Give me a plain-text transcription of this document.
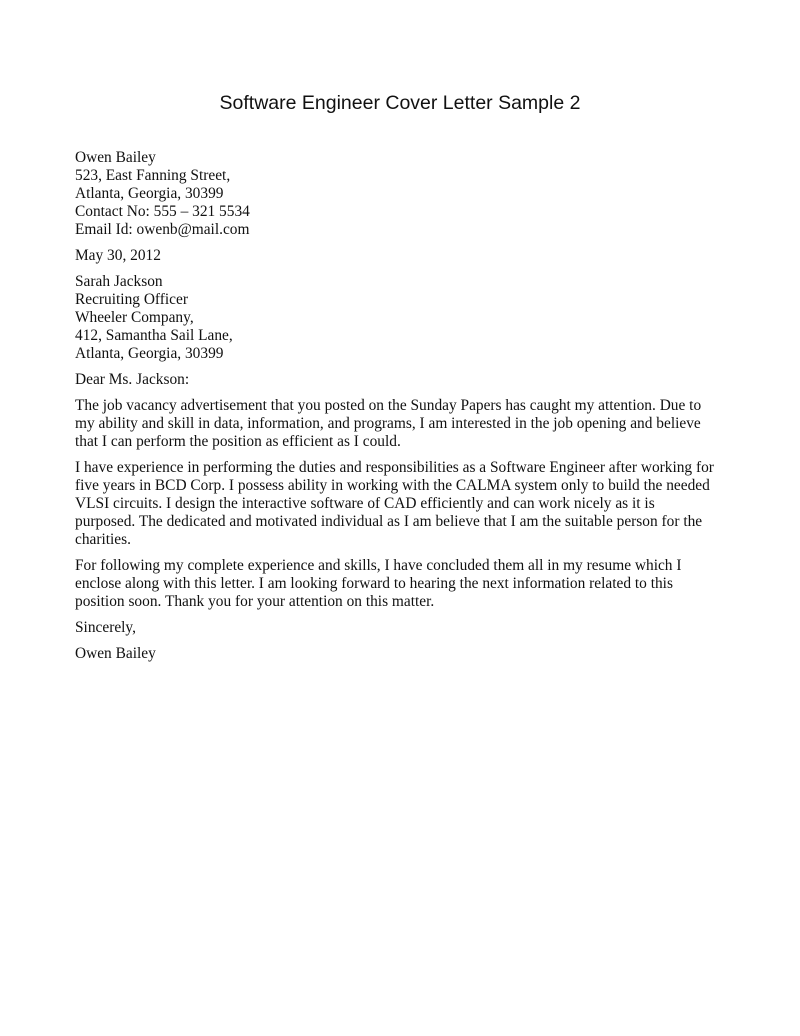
Software Engineer Cover Letter Sample 2
Owen Bailey
523, East Fanning Street,
Atlanta, Georgia, 30399
Contact No: 555 – 321 5534
Email Id: owenb@mail.com
May 30, 2012
Sarah Jackson
Recruiting Officer
Wheeler Company,
412, Samantha Sail Lane,
Atlanta, Georgia, 30399
Dear Ms. Jackson:
The job vacancy advertisement that you posted on the Sunday Papers has caught my attention. Due to
my ability and skill in data, information, and programs, I am interested in the job opening and believe
that I can perform the position as efficient as I could.
I have experience in performing the duties and responsibilities as a Software Engineer after working for
five years in BCD Corp. I possess ability in working with the CALMA system only to build the needed
VLSI circuits. I design the interactive software of CAD efficiently and can work nicely as it is
purposed. The dedicated and motivated individual as I am believe that I am the suitable person for the
charities.
For following my complete experience and skills, I have concluded them all in my resume which I
enclose along with this letter. I am looking forward to hearing the next information related to this
position soon. Thank you for your attention on this matter.
Sincerely,
Owen Bailey
